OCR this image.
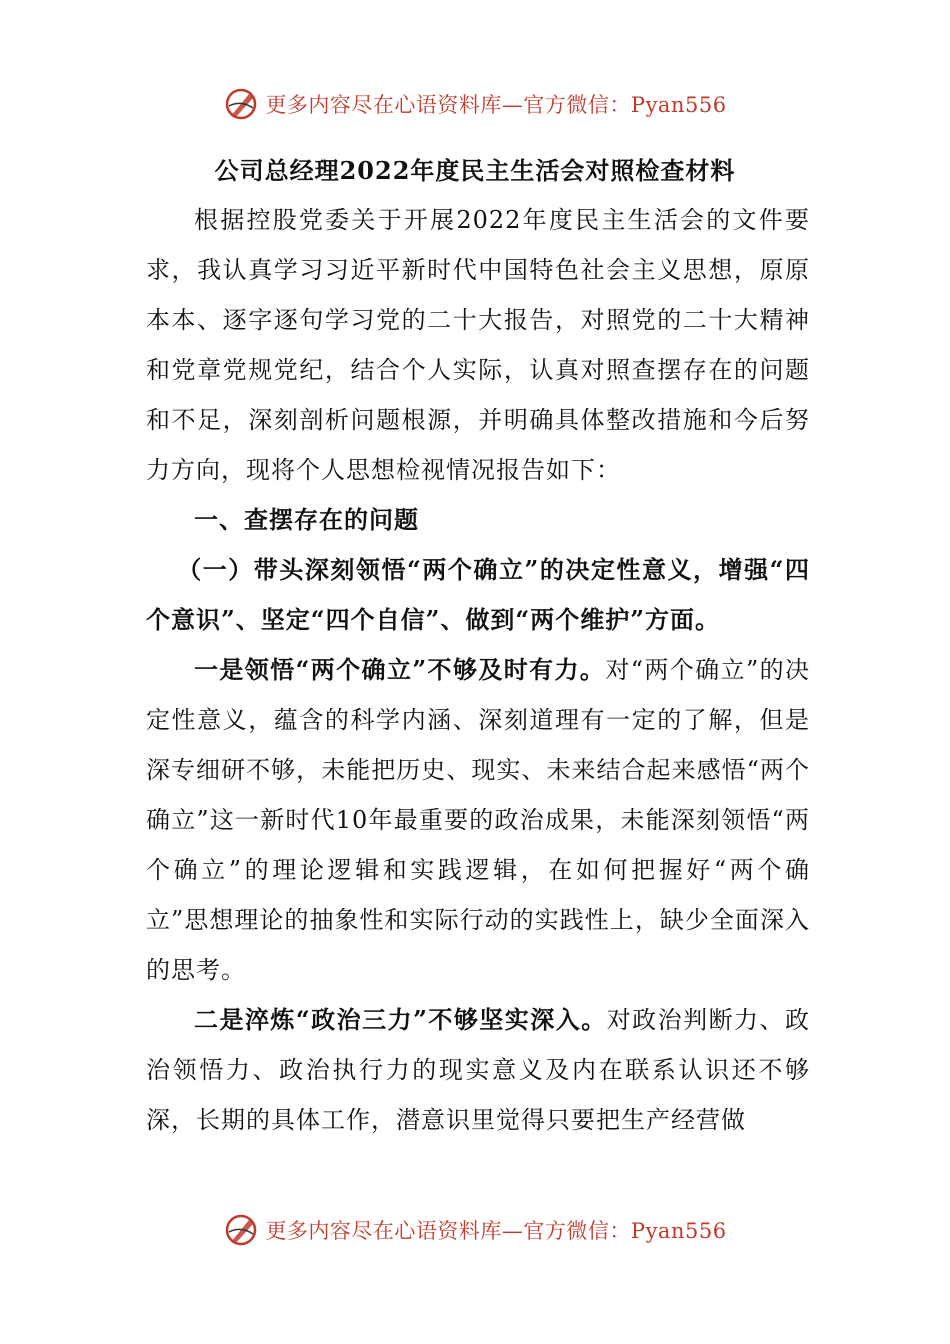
更多内容尽在心语资料库—官方微信：Pyan556
公司总经理2022年度民主生活会对照检查材料

根据控股党委关于开展2022年度民主生活会的文件要求，我认真学习习近平新时代中国特色社会主义思想，原原本本、逐字逐句学习党的二十大报告，对照党的二十大精神和党章党规党纪，结合个人实际，认真对照查摆存在的问题和不足，深刻剖析问题根源，并明确具体整改措施和今后努力方向，现将个人思想检视情况报告如下：

一、查摆存在的问题

（一）带头深刻领悟“两个确立”的决定性意义，增强“四个意识”、坚定“四个自信”、做到“两个维护”方面。

一是领悟“两个确立”不够及时有力。对“两个确立”的决定性意义，蕴含的科学内涵、深刻道理有一定的了解，但是深专细研不够，未能把历史、现实、未来结合起来感悟“两个确立”这一新时代10年最重要的政治成果，未能深刻领悟“两个确立”的理论逻辑和实践逻辑，在如何把握好“两个确立”思想理论的抽象性和实际行动的实践性上，缺少全面深入的思考。

二是淬炼“政治三力”不够坚实深入。对政治判断力、政治领悟力、政治执行力的现实意义及内在联系认识还不够深，长期的具体工作，潜意识里觉得只要把生产经营做

更多内容尽在心语资料库—官方微信：Pyan556
